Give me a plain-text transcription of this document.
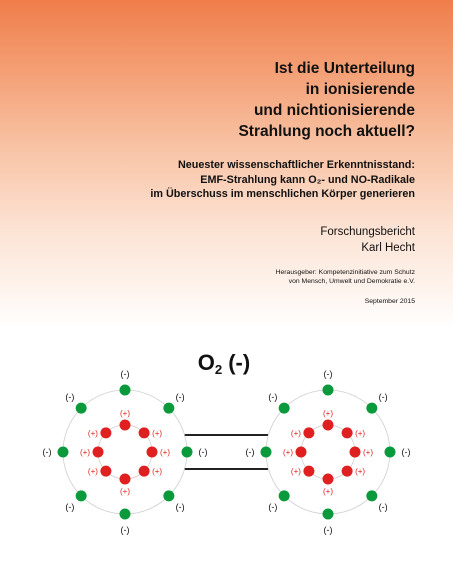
Ist die Unterteilung
in ionisierende
und nichtionisierende
Strahlung noch aktuell?
Neuester wissenschaftlicher Erkenntnisstand:
EMF-Strahlung kann O₂- und NO-Radikale
im Überschuss im menschlichen Körper generieren
Forschungsbericht
Karl Hecht
Herausgeber: Kompetenzinitiative zum Schutz
von Mensch, Umwelt und Demokratie e.V.
September 2015
O2 (-)
(-)
(-)
(-)
(-)
(-)
(-)
(-)
(-)
(+)
(+)
(+)
(+)
(+)
(+)
(+)
(+)
(-)
(-)
(-)
(-)
(-)
(-)
(-)
(-)
(+)
(+)
(+)
(+)
(+)
(+)
(+)
(+)
